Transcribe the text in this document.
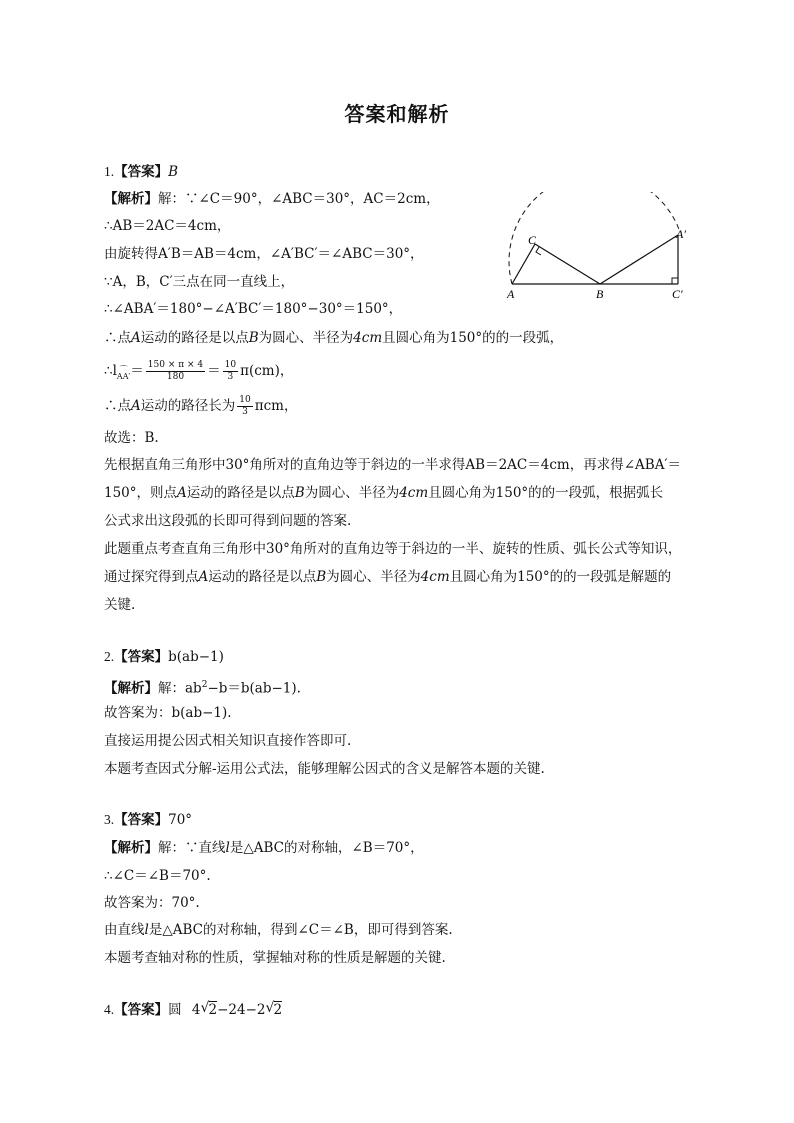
答案和解析
1.【答案】B
【解析】解：∵∠C＝90°，∠ABC＝30°，AC＝2cm，
∴AB＝2AC＝4cm，
由旋转得A′B＝AB＝4cm，∠A′BC′＝∠ABC＝30°，
∵A，B，C′三点在同一直线上，
∴∠ABA′＝180°−∠A′BC′＝180°−30°＝150°，
∴点A运动的路径是以点B为圆心、半径为4cm且圆心角为150°的的一段弧，
∴l $_{⌒ AA'}= \frac{150 \times \pi \times 4}{180} = \frac{10}{3} \pi(cm)$，
∴点A运动的路径长为 $\frac{10}{3}$ πcm，
故选：B.
先根据直角三角形中30°角所对的直角边等于斜边的一半求得AB＝2AC＝4cm，再求得∠ABA′＝
150°，则点A运动的路径是以点B为圆心、半径为4cm且圆心角为150°的的一段弧，根据弧长
公式求出这段弧的长即可得到问题的答案.
此题重点考查直角三角形中30°角所对的直角边等于斜边的一半、旋转的性质、弧长公式等知识，
通过探究得到点A运动的路径是以点B为圆心、半径为4cm且圆心角为150°的的一段弧是解题的
关键.
A	B
C	A′
C′
2.【答案】b(ab−1)
【解析】解：$ab^2-b=b(ab-1)$.
故答案为：b(ab−1).
直接运用提公因式相关知识直接作答即可.
本题考查因式分解-运用公式法，能够理解公因式的含义是解答本题的关键.
3.【答案】70°
【解析】解：∵直线l是△ABC的对称轴，∠B＝70°，
∴∠C＝∠B＝70°.
故答案为：70°.
由直线l是△ABC的对称轴，得到∠C＝∠B，即可得到答案.
本题考查轴对称的性质，掌握轴对称的性质是解题的关键.
4.【答案】圆 4 √ 2−24−2 √ 2
